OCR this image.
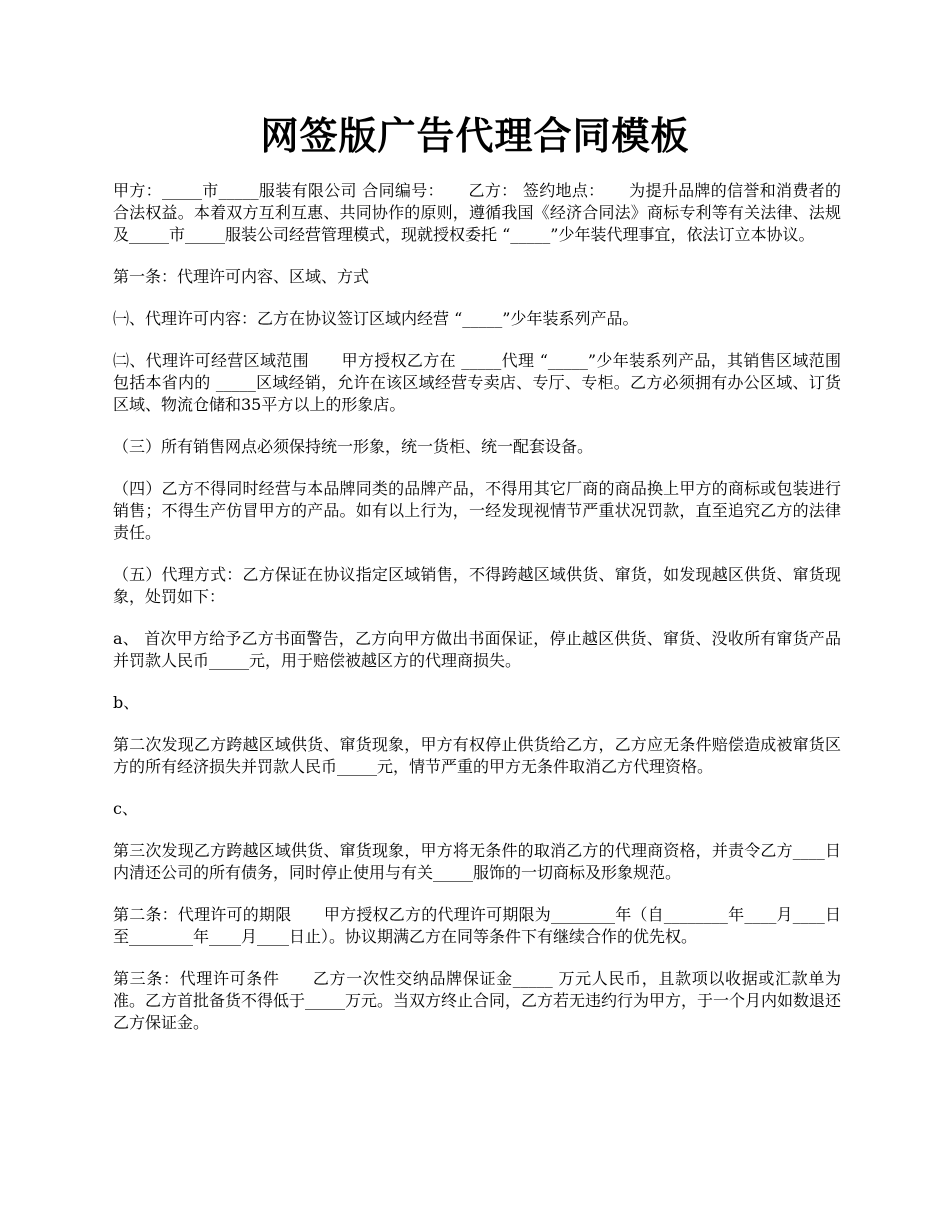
网签版广告代理合同模板

甲方：_____市_____服装有限公司 合同编号：　　乙方： 签约地点：　　为提升品牌的信誉和消费者的合法权益。本着双方互利互惠、共同协作的原则，遵循我国《经济合同法》商标专利等有关法律、法规及_____市_____服装公司经营管理模式，现就授权委托 “_____”少年装代理事宜，依法订立本协议。

第一条：代理许可内容、区域、方式

㈠、代理许可内容：乙方在协议签订区域内经营 “_____”少年装系列产品。

㈡、代理许可经营区域范围　　甲方授权乙方在 _____代理 “_____”少年装系列产品，其销售区域范围包括本省内的 _____区域经销，允许在该区域经营专卖店、专厅、专柜。乙方必须拥有办公区域、订货区域、物流仓储和35平方以上的形象店。

（三）所有销售网点必须保持统一形象，统一货柜、统一配套设备。

（四）乙方不得同时经营与本品牌同类的品牌产品，不得用其它厂商的商品换上甲方的商标或包装进行销售；不得生产仿冒甲方的产品。如有以上行为，一经发现视情节严重状况罚款，直至追究乙方的法律责任。

（五）代理方式：乙方保证在协议指定区域销售，不得跨越区域供货、窜货，如发现越区供货、窜货现象，处罚如下：

a、 首次甲方给予乙方书面警告，乙方向甲方做出书面保证，停止越区供货、窜货、没收所有窜货产品并罚款人民币_____元，用于赔偿被越区方的代理商损失。

b、

第二次发现乙方跨越区域供货、窜货现象，甲方有权停止供货给乙方，乙方应无条件赔偿造成被窜货区方的所有经济损失并罚款人民币_____元，情节严重的甲方无条件取消乙方代理资格。

c、

第三次发现乙方跨越区域供货、窜货现象，甲方将无条件的取消乙方的代理商资格，并责令乙方____日内清还公司的所有债务，同时停止使用与有关_____服饰的一切商标及形象规范。

第二条：代理许可的期限　　甲方授权乙方的代理许可期限为________年（自________年____月____日至________年____月____日止）。协议期满乙方在同等条件下有继续合作的优先权。

第三条：代理许可条件　　乙方一次性交纳品牌保证金_____ 万元人民币，且款项以收据或汇款单为准。乙方首批备货不得低于_____万元。当双方终止合同，乙方若无违约行为甲方，于一个月内如数退还乙方保证金。
